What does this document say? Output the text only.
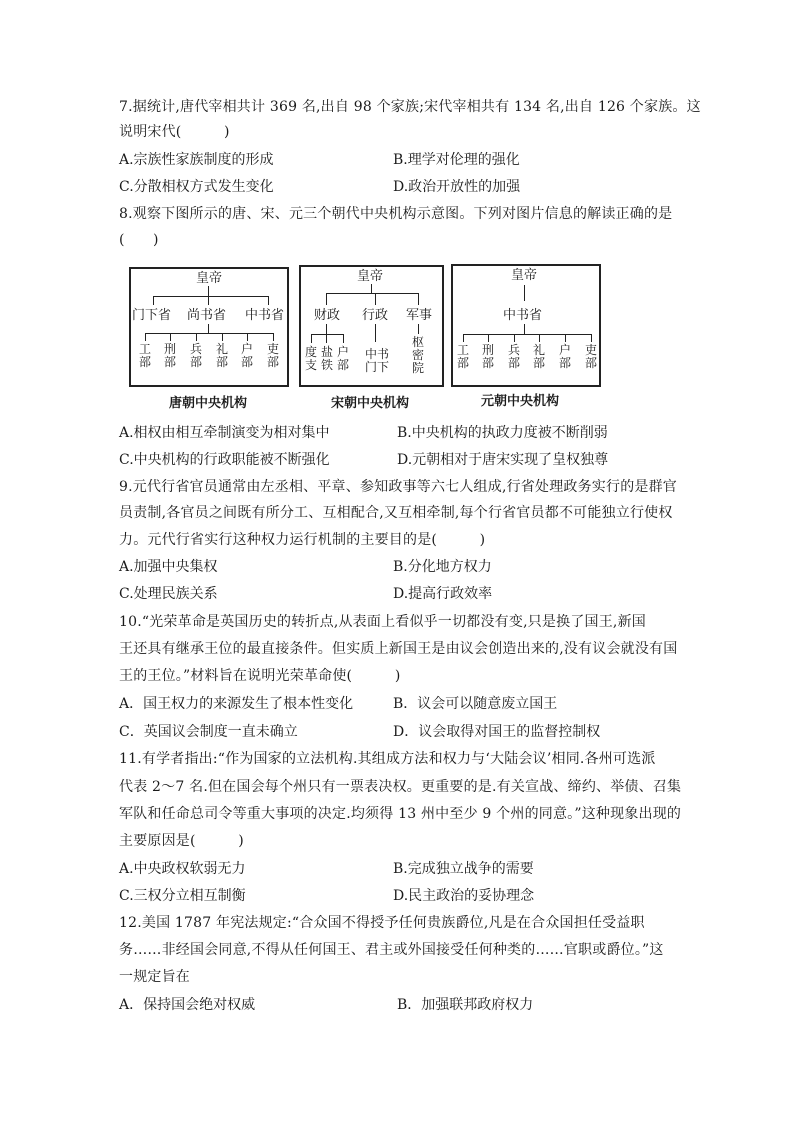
7.据统计,唐代宰相共计 369 名,出自 98 个家族;宋代宰相共有 134 名,出自 126 个家族。这
说明宋代(　　　)
A.宗族性家族制度的形成	B.理学对伦理的强化
C.分散相权方式发生变化	D.政治开放性的加强
8.观察下图所示的唐、宋、元三个朝代中央机构示意图。下列对图片信息的解读正确的是
(　　)
皇帝
门下省 尚书省 中书省
工部
刑部
兵部
礼部
户部
吏部
唐朝中央机构
皇帝
财政 行政 军事
度支
盐铁
户部
中书门下
枢密院
宋朝中央机构
皇帝
中书省
工部
刑部
兵部
礼部
户部
吏部
元朝中央机构
A.相权由相互牵制演变为相对集中	B.中央机构的执政力度被不断削弱
C.中央机构的行政职能被不断强化	D.元朝相对于唐宋实现了皇权独尊
9.元代行省官员通常由左丞相、平章、参知政事等六七人组成,行省处理政务实行的是群官
员责制,各官员之间既有所分工、互相配合,又互相牵制,每个行省官员都不可能独立行使权
力。元代行省实行这种权力运行机制的主要目的是(　　　)
A.加强中央集权	B.分化地方权力
C.处理民族关系	D.提高行政效率
10.“光荣革命是英国历史的转折点,从表面上看似乎一切都没有变,只是换了国王,新国
王还具有继承王位的最直接条件。但实质上新国王是由议会创造出来的,没有议会就没有国
王的王位。”材料旨在说明光荣革命使(　　　)
A．国王权力的来源发生了根本性变化	B．议会可以随意废立国王
C．英国议会制度一直未确立	D．议会取得对国王的监督控制权
11.有学者指出:“作为国家的立法机构.其组成方法和权力与‘大陆会议’相同.各州可选派
代表 2～7 名.但在国会每个州只有一票表决权。更重要的是.有关宣战、缔约、举债、召集
军队和任命总司令等重大事项的决定.均须得 13 州中至少 9 个州的同意。”这种现象出现的
主要原因是(　　　)
A.中央政权软弱无力	B.完成独立战争的需要
C.三权分立相互制衡	D.民主政治的妥协理念
12.美国 1787 年宪法规定:“合众国不得授予任何贵族爵位,凡是在合众国担任受益职
务……非经国会同意,不得从任何国王、君主或外国接受任何种类的……官职或爵位。”这
一规定旨在
A．保持国会绝对权威	B．加强联邦政府权力
